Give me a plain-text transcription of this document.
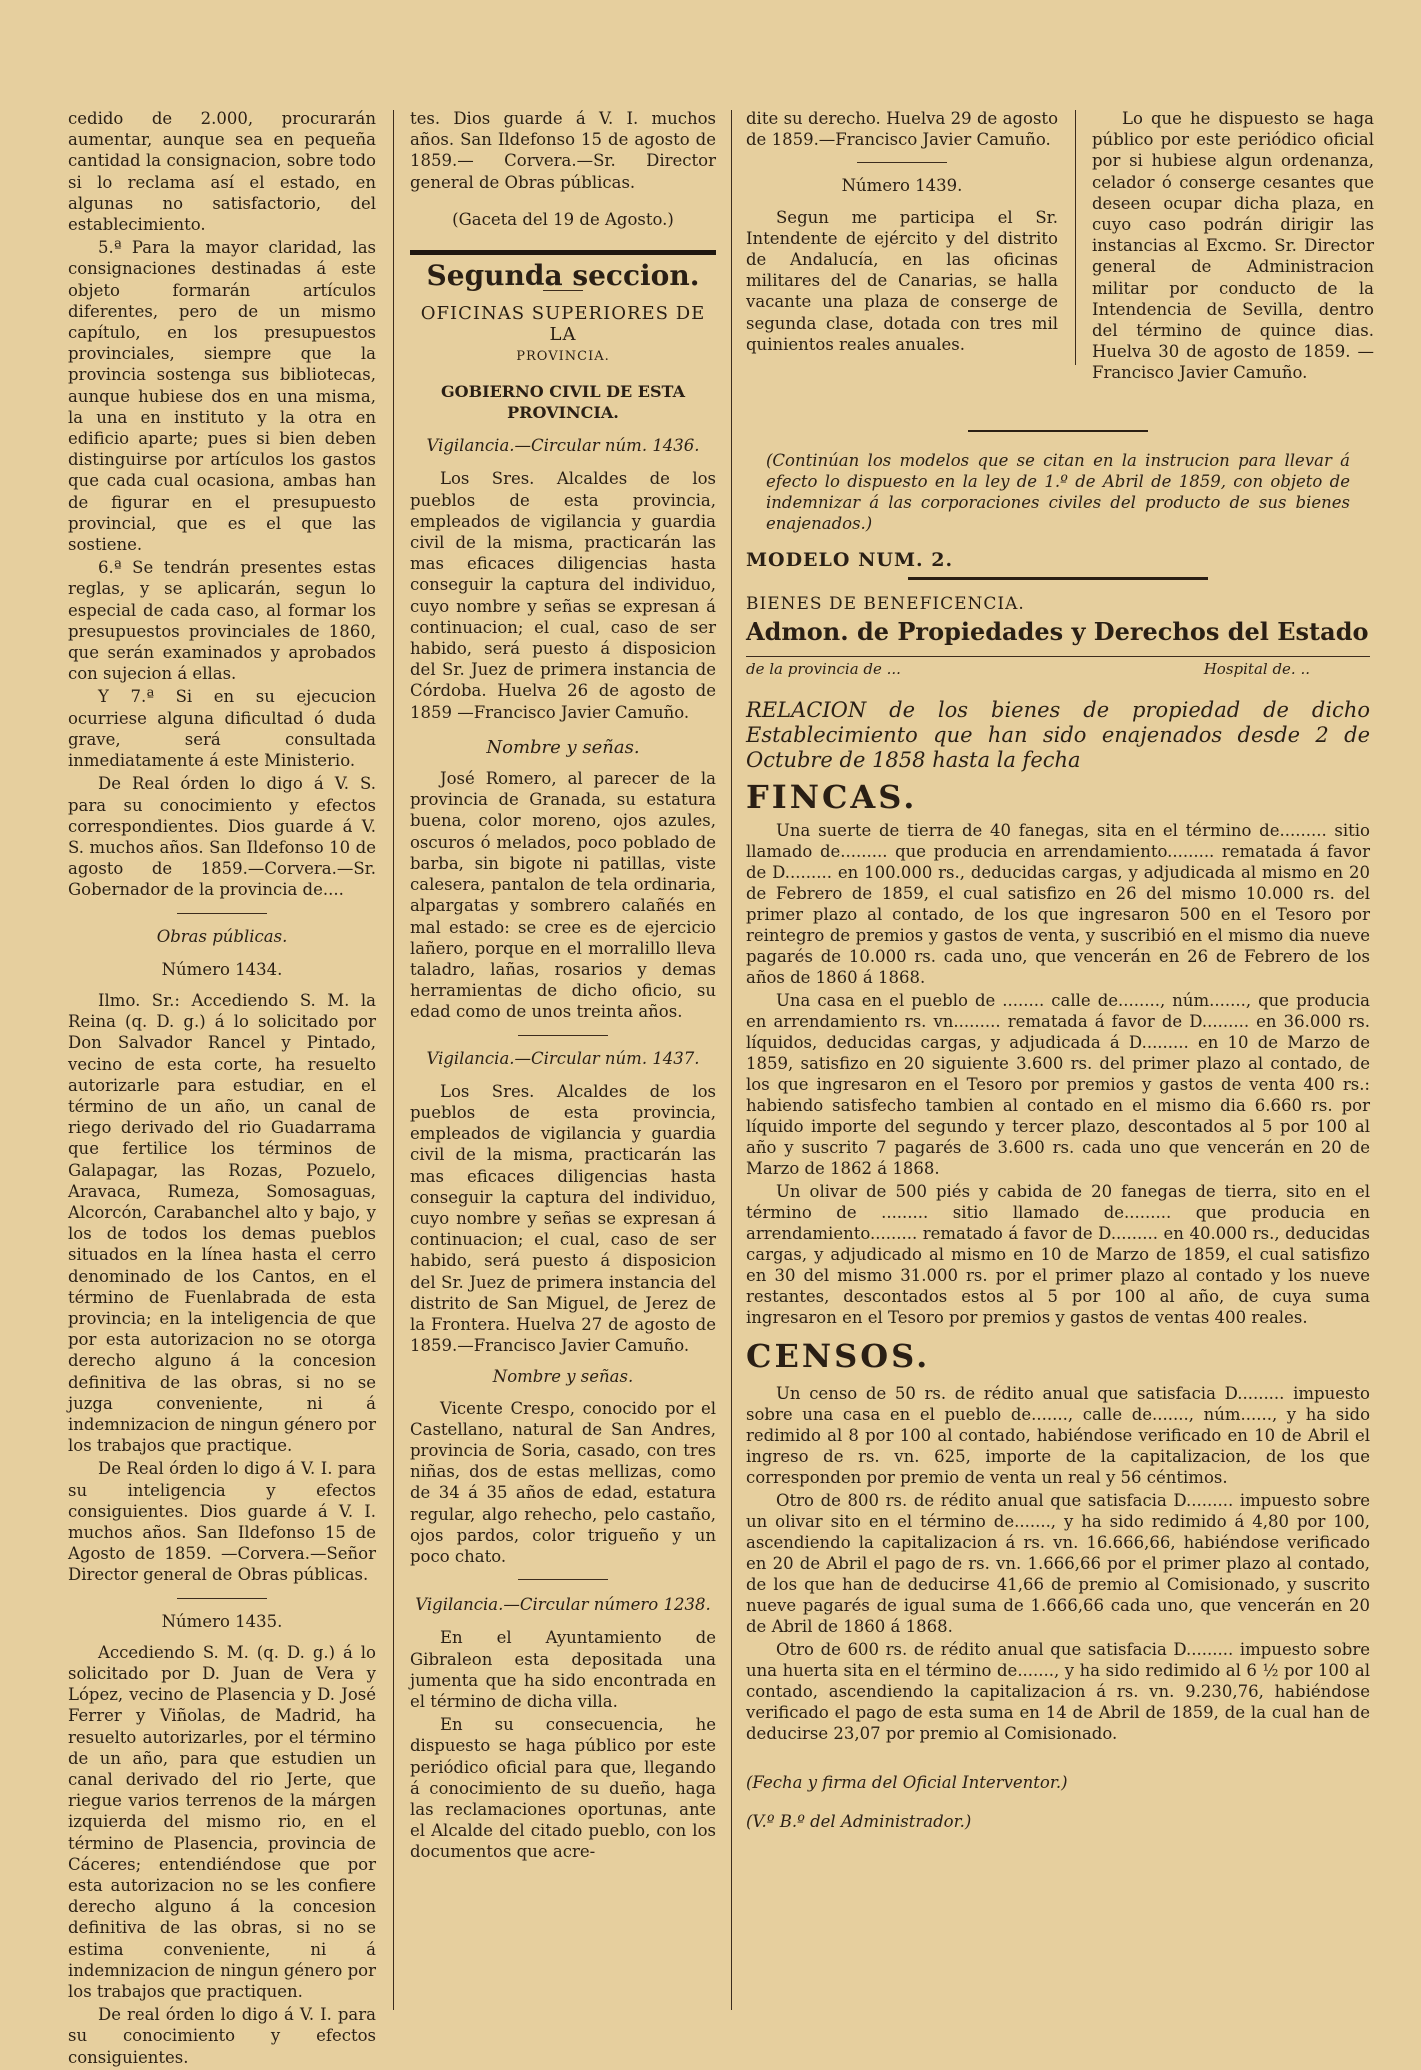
cedido de 2.000, procurarán aumentar, aunque sea en pequeña cantidad la consignacion, sobre todo si lo reclama así el estado, en algunas no satisfactorio, del establecimiento.

5.ª Para la mayor claridad, las consignaciones destinadas á este objeto formarán artículos diferentes, pero de un mismo capítulo, en los presupuestos provinciales, siempre que la provincia sostenga sus bibliotecas, aunque hubiese dos en una misma, la una en instituto y la otra en edificio aparte; pues si bien deben distinguirse por artículos los gastos que cada cual ocasiona, ambas han de figurar en el presupuesto provincial, que es el que las sostiene.

6.ª Se tendrán presentes estas reglas, y se aplicarán, segun lo especial de cada caso, al formar los presupuestos provinciales de 1860, que serán examinados y aprobados con sujecion á ellas.

Y 7.ª Si en su ejecucion ocurriese alguna dificultad ó duda grave, será consultada inmediatamente á este Ministerio.

De Real órden lo digo á V. S. para su conocimiento y efectos correspondientes. Dios guarde á V. S. muchos años. San Ildefonso 10 de agosto de 1859.—Corvera.—Sr. Gobernador de la provincia de....

Obras públicas.

Número 1434.

Ilmo. Sr.: Accediendo S. M. la Reina (q. D. g.) á lo solicitado por Don Salvador Rancel y Pintado, vecino de esta corte, ha resuelto autorizarle para estudiar, en el término de un año, un canal de riego derivado del rio Guadarrama que fertilice los términos de Galapagar, las Rozas, Pozuelo, Aravaca, Rumeza, Somosaguas, Alcorcón, Carabanchel alto y bajo, y los de todos los demas pueblos situados en la línea hasta el cerro denominado de los Cantos, en el término de Fuenlabrada de esta provincia; en la inteligencia de que por esta autorizacion no se otorga derecho alguno á la concesion definitiva de las obras, si no se juzga conveniente, ni á indemnizacion de ningun género por los trabajos que practique.

De Real órden lo digo á V. I. para su inteligencia y efectos consiguientes. Dios guarde á V. I. muchos años. San Ildefonso 15 de Agosto de 1859. —Corvera.—Señor Director general de Obras públicas.

Número 1435.

Accediendo S. M. (q. D. g.) á lo solicitado por D. Juan de Vera y López, vecino de Plasencia y D. José Ferrer y Viñolas, de Madrid, ha resuelto autorizarles, por el término de un año, para que estudien un canal derivado del rio Jerte, que riegue varios terrenos de la márgen izquierda del mismo rio, en el término de Plasencia, provincia de Cáceres; entendiéndose que por esta autorizacion no se les confiere derecho alguno á la concesion definitiva de las obras, si no se estima conveniente, ni á indemnizacion de ningun género por los trabajos que practiquen.

De real órden lo digo á V. I. para su conocimiento y efectos consiguientes.

tes. Dios guarde á V. I. muchos años. San Ildefonso 15 de agosto de 1859.— Corvera.—Sr. Director general de Obras públicas.

(Gaceta del 19 de Agosto.)

Segunda seccion.

OFICINAS SUPERIORES DE LA

PROVINCIA.

GOBIERNO CIVIL DE ESTA PROVINCIA.

Vigilancia.—Circular núm. 1436.

Los Sres. Alcaldes de los pueblos de esta provincia, empleados de vigilancia y guardia civil de la misma, practicarán las mas eficaces diligencias hasta conseguir la captura del individuo, cuyo nombre y señas se expresan á continuacion; el cual, caso de ser habido, será puesto á disposicion del Sr. Juez de primera instancia de Córdoba. Huelva 26 de agosto de 1859 —Francisco Javier Camuño.

Nombre y señas.

José Romero, al parecer de la provincia de Granada, su estatura buena, color moreno, ojos azules, oscuros ó melados, poco poblado de barba, sin bigote ni patillas, viste calesera, pantalon de tela ordinaria, alpargatas y sombrero calañés en mal estado: se cree es de ejercicio lañero, porque en el morralillo lleva taladro, lañas, rosarios y demas herramientas de dicho oficio, su edad como de unos treinta años.

Vigilancia.—Circular núm. 1437.

Los Sres. Alcaldes de los pueblos de esta provincia, empleados de vigilancia y guardia civil de la misma, practicarán las mas eficaces diligencias hasta conseguir la captura del individuo, cuyo nombre y señas se expresan á continuacion; el cual, caso de ser habido, será puesto á disposicion del Sr. Juez de primera instancia del distrito de San Miguel, de Jerez de la Frontera. Huelva 27 de agosto de 1859.—Francisco Javier Camuño.

Nombre y señas.

Vicente Crespo, conocido por el Castellano, natural de San Andres, provincia de Soria, casado, con tres niñas, dos de estas mellizas, como de 34 á 35 años de edad, estatura regular, algo rehecho, pelo castaño, ojos pardos, color trigueño y un poco chato.

Vigilancia.—Circular número 1238.

En el Ayuntamiento de Gibraleon esta depositada una jumenta que ha sido encontrada en el término de dicha villa.

En su consecuencia, he dispuesto se haga público por este periódico oficial para que, llegando á conocimiento de su dueño, haga las reclamaciones oportunas, ante el Alcalde del citado pueblo, con los documentos que acre-

dite su derecho. Huelva 29 de agosto de 1859.—Francisco Javier Camuño.

Número 1439.

Segun me participa el Sr. Intendente de ejército y del distrito de Andalucía, en las oficinas militares del de Canarias, se halla vacante una plaza de conserge de segunda clase, dotada con tres mil quinientos reales anuales.

Lo que he dispuesto se haga público por este periódico oficial por si hubiese algun ordenanza, celador ó conserge cesantes que deseen ocupar dicha plaza, en cuyo caso podrán dirigir las instancias al Excmo. Sr. Director general de Administracion militar por conducto de la Intendencia de Sevilla, dentro del término de quince dias. Huelva 30 de agosto de 1859. —Francisco Javier Camuño.

(Continúan los modelos que se citan en la instrucion para llevar á efecto lo dispuesto en la ley de 1.º de Abril de 1859, con objeto de indemnizar á las corporaciones civiles del producto de sus bienes enajenados.)

MODELO NUM. 2.

BIENES DE BENEFICENCIA.

Admon. de Propiedades y Derechos del Estado

de la provincia de ...	Hospital de. ..

RELACION de los bienes de propiedad de dicho Establecimiento que han sido enajenados desde 2 de Octubre de 1858 hasta la fecha

FINCAS.

Una suerte de tierra de 40 fanegas, sita en el término de......... sitio llamado de......... que producia en arrendamiento......... rematada á favor de D......... en 100.000 rs., deducidas cargas, y adjudicada al mismo en 20 de Febrero de 1859, el cual satisfizo en 26 del mismo 10.000 rs. del primer plazo al contado, de los que ingresaron 500 en el Tesoro por reintegro de premios y gastos de venta, y suscribió en el mismo dia nueve pagarés de 10.000 rs. cada uno, que vencerán en 26 de Febrero de los años de 1860 á 1868.

Una casa en el pueblo de ........ calle de........, núm......., que producia en arrendamiento rs. vn......... rematada á favor de D......... en 36.000 rs. líquidos, deducidas cargas, y adjudicada á D......... en 10 de Marzo de 1859, satisfizo en 20 siguiente 3.600 rs. del primer plazo al contado, de los que ingresaron en el Tesoro por premios y gastos de venta 400 rs.: habiendo satisfecho tambien al contado en el mismo dia 6.660 rs. por líquido importe del segundo y tercer plazo, descontados al 5 por 100 al año y suscrito 7 pagarés de 3.600 rs. cada uno que vencerán en 20 de Marzo de 1862 á 1868.

Un olivar de 500 piés y cabida de 20 fanegas de tierra, sito en el término de ......... sitio llamado de......... que producia en arrendamiento......... rematado á favor de D......... en 40.000 rs., deducidas cargas, y adjudicado al mismo en 10 de Marzo de 1859, el cual satisfizo en 30 del mismo 31.000 rs. por el primer plazo al contado y los nueve restantes, descontados estos al 5 por 100 al año, de cuya suma ingresaron en el Tesoro por premios y gastos de ventas 400 reales.

CENSOS.

Un censo de 50 rs. de rédito anual que satisfacia D......... impuesto sobre una casa en el pueblo de......., calle de......., núm......, y ha sido redimido al 8 por 100 al contado, habiéndose verificado en 10 de Abril el ingreso de rs. vn. 625, importe de la capitalizacion, de los que corresponden por premio de venta un real y 56 céntimos.

Otro de 800 rs. de rédito anual que satisfacia D......... impuesto sobre un olivar sito en el término de......., y ha sido redimido á 4,80 por 100, ascendiendo la capitalizacion á rs. vn. 16.666,66, habiéndose verificado en 20 de Abril el pago de rs. vn. 1.666,66 por el primer plazo al contado, de los que han de deducirse 41,66 de premio al Comisionado, y suscrito nueve pagarés de igual suma de 1.666,66 cada uno, que vencerán en 20 de Abril de 1860 á 1868.

Otro de 600 rs. de rédito anual que satisfacia D......... impuesto sobre una huerta sita en el término de......., y ha sido redimido al 6 ½ por 100 al contado, ascendiendo la capitalizacion á rs. vn. 9.230,76, habiéndose verificado el pago de esta suma en 14 de Abril de 1859, de la cual han de deducirse 23,07 por premio al Comisionado.

(Fecha y firma del Oficial Interventor.)

(V.º B.º del Administrador.)
